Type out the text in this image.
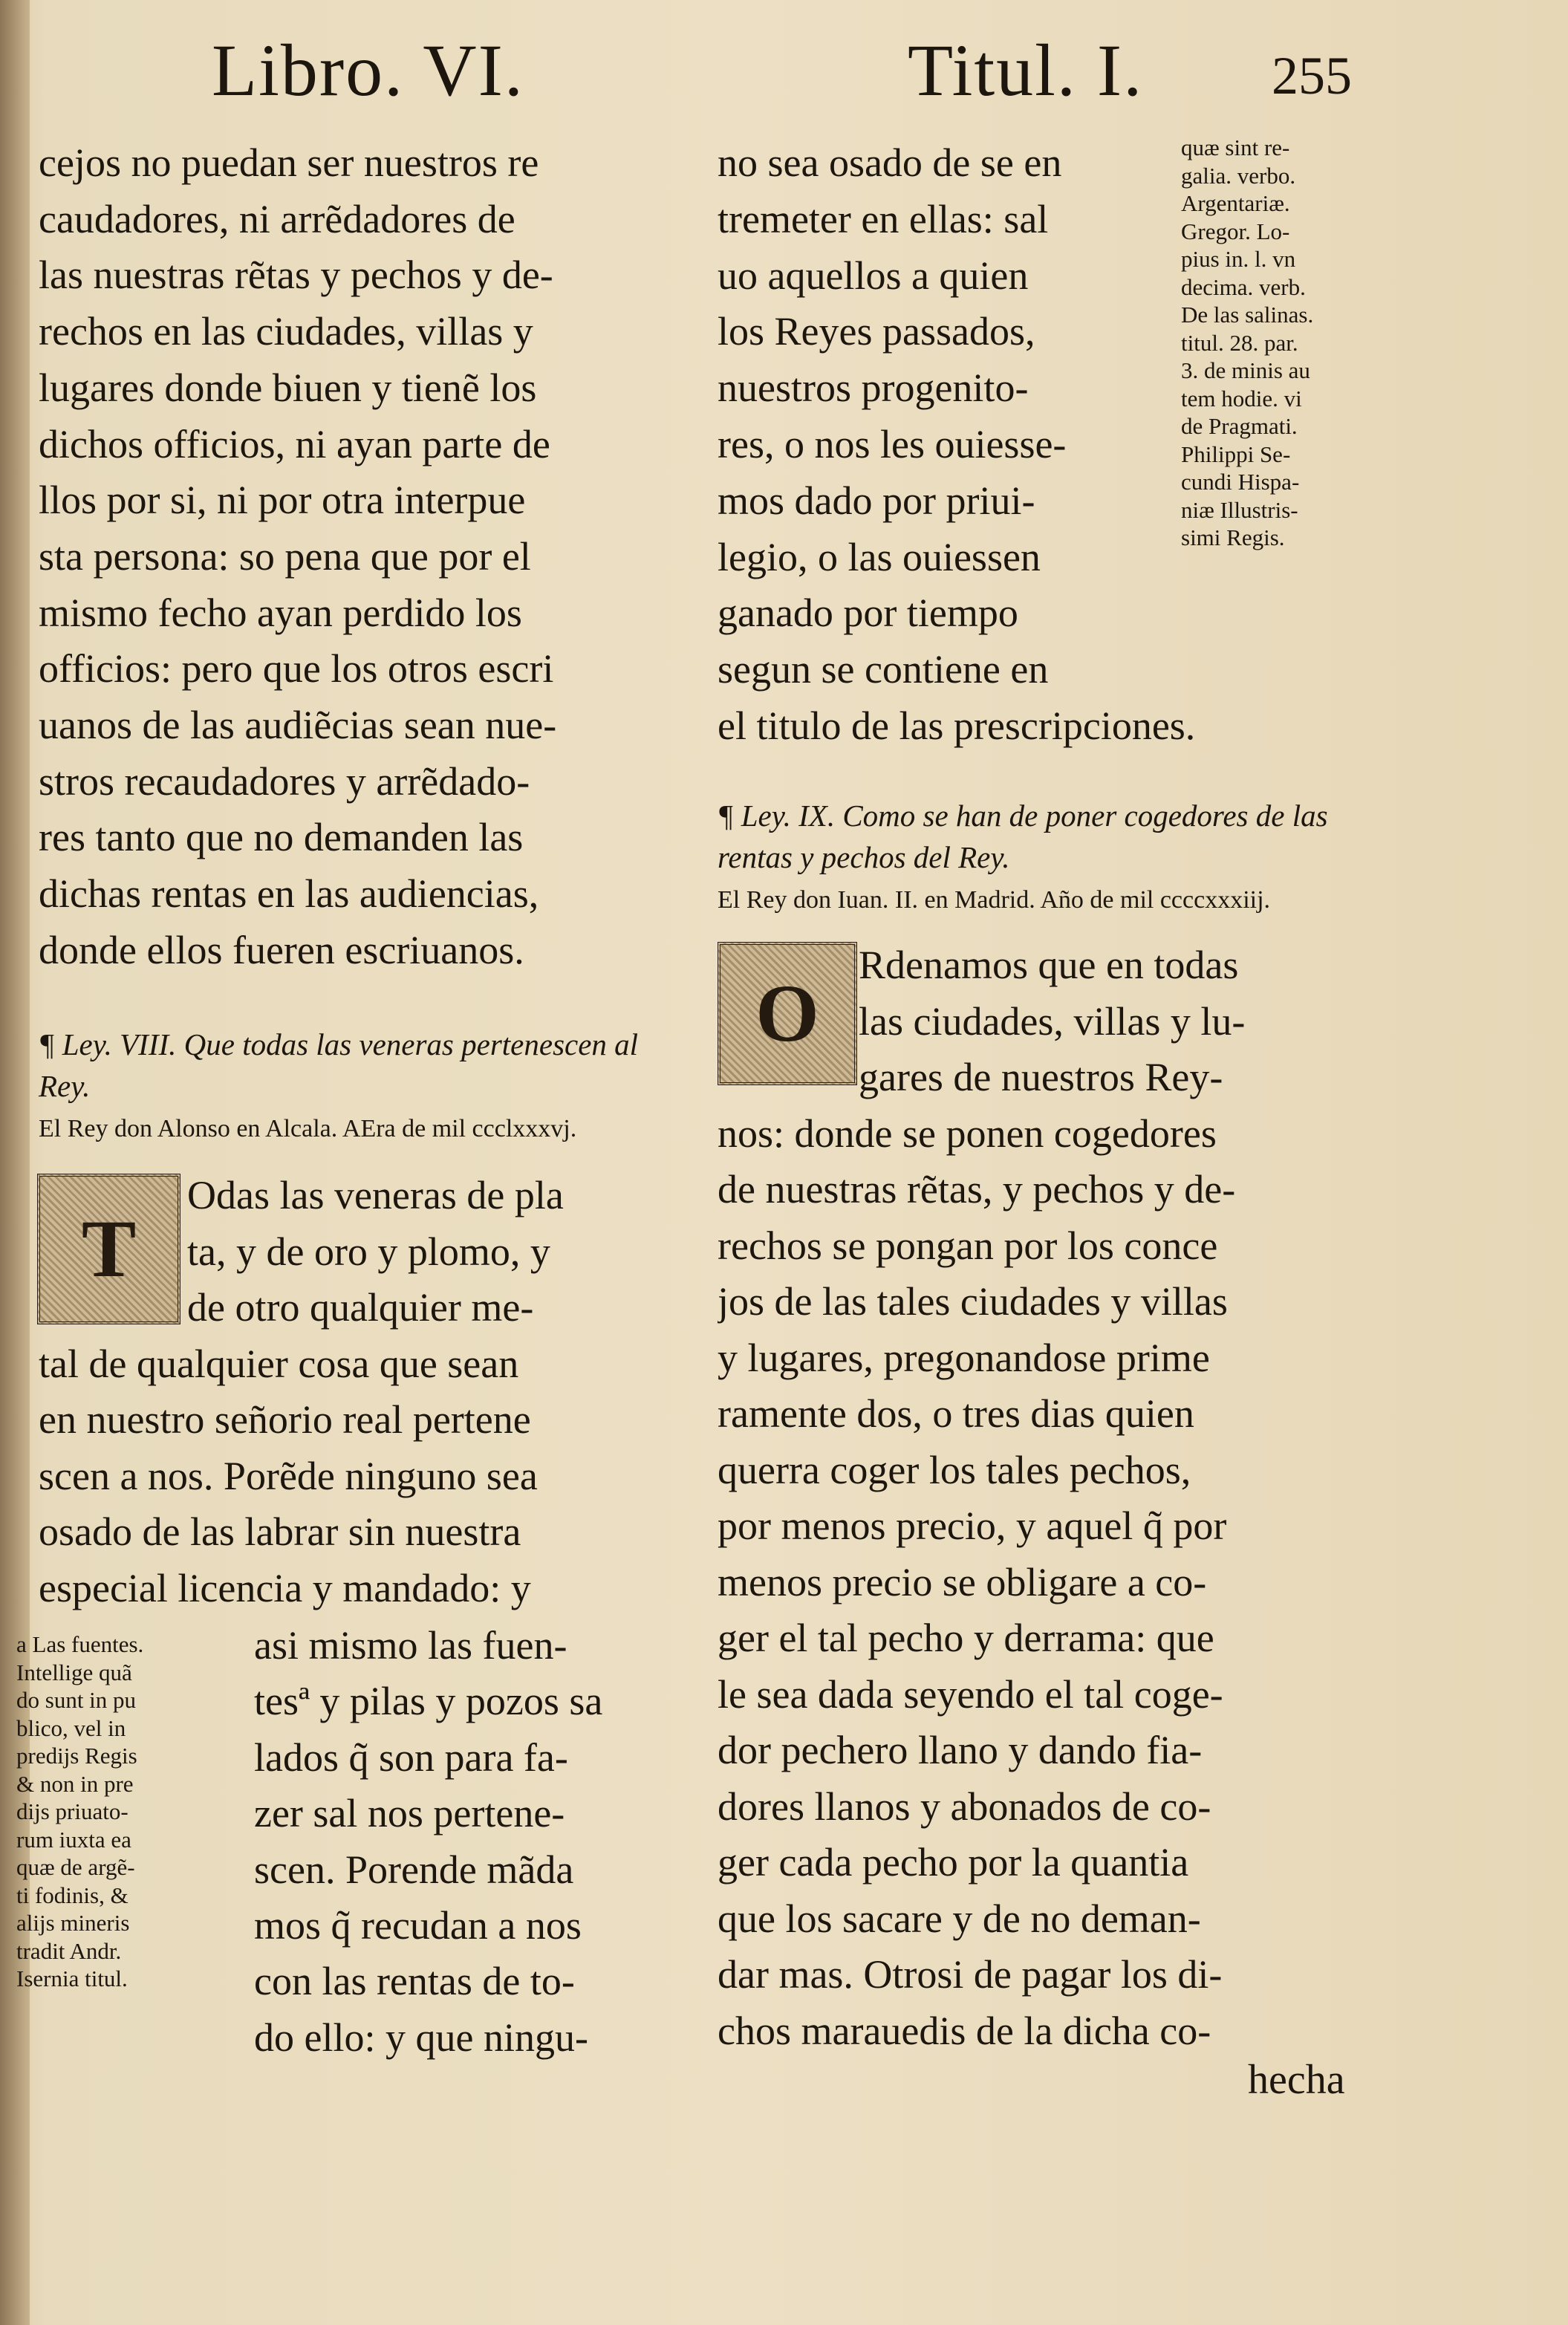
Libro. VI.	Titul. I. 255
cejos no puedan ser nuestros re
caudadores, ni arrẽdadores de
las nuestras rẽtas y pechos y de-
rechos en las ciudades, villas y
lugares donde biuen y tienẽ los
dichos officios, ni ayan parte de
llos por si, ni por otra interpue
sta persona: so pena que por el
mismo fecho ayan perdido los
officios: pero que los otros escri
uanos de las audiẽcias sean nue-
stros recaudadores y arrẽdado-
res tanto que no demanden las
dichas rentas en las audiencias,
donde ellos fueren escriuanos.
¶ Ley. VIII. Que todas las veneras pertenescen al Rey.
El Rey don Alonso en Alcala. AEra de mil ccclxxxvj.
T
Odas las veneras de pla
ta, y de oro y plomo, y
de otro qualquier me-
tal de qualquier cosa que sean
en nuestro señorio real pertene
scen a nos. Porẽde ninguno sea
osado de las labrar sin nuestra
especial licencia y mandado: y
asi mismo las fuen-
tesª y pilas y pozos sa
lados q̃ son para fa-
zer sal nos pertene-
scen. Porende mãda
mos q̃ recudan a nos
con las rentas de to-
do ello: y que ningu-
a Las fuentes.
Intellige quã
do sunt in pu
blico, vel in
predijs Regis
& non in pre
dijs priuato-
rum iuxta ea
quæ de argẽ-
ti fodinis, &
alijs mineris
tradit Andr.
Isernia titul.
no sea osado de se en
tremeter en ellas: sal
uo aquellos a quien
los Reyes passados,
nuestros progenito-
res, o nos les ouiesse-
mos dado por priui-
legio, o las ouiessen
ganado por tiempo
segun se contiene en
el titulo de las prescripciones.
quæ sint re-
galia. verbo.
Argentariæ.
Gregor. Lo-
pius in. l. vn
decima. verb.
De las salinas.
titul. 28. par.
3. de minis au
tem hodie. vi
de Pragmati.
Philippi Se-
cundi Hispa-
niæ Illustris-
simi Regis.
¶ Ley. IX. Como se han de poner cogedores de las rentas y pechos del Rey.
El Rey don Iuan. II. en Madrid. Año de mil ccccxxxiij.
O
Rdenamos que en todas
las ciudades, villas y lu-
gares de nuestros Rey-
nos: donde se ponen cogedores
de nuestras rẽtas, y pechos y de-
rechos se pongan por los conce
jos de las tales ciudades y villas
y lugares, pregonandose prime
ramente dos, o tres dias quien
querra coger los tales pechos,
por menos precio, y aquel q̃ por
menos precio se obligare a co-
ger el tal pecho y derrama: que
le sea dada seyendo el tal coge-
dor pechero llano y dando fia-
dores llanos y abonados de co-
ger cada pecho por la quantia
que los sacare y de no deman-
dar mas. Otrosi de pagar los di-
chos marauedis de la dicha co-
hecha
